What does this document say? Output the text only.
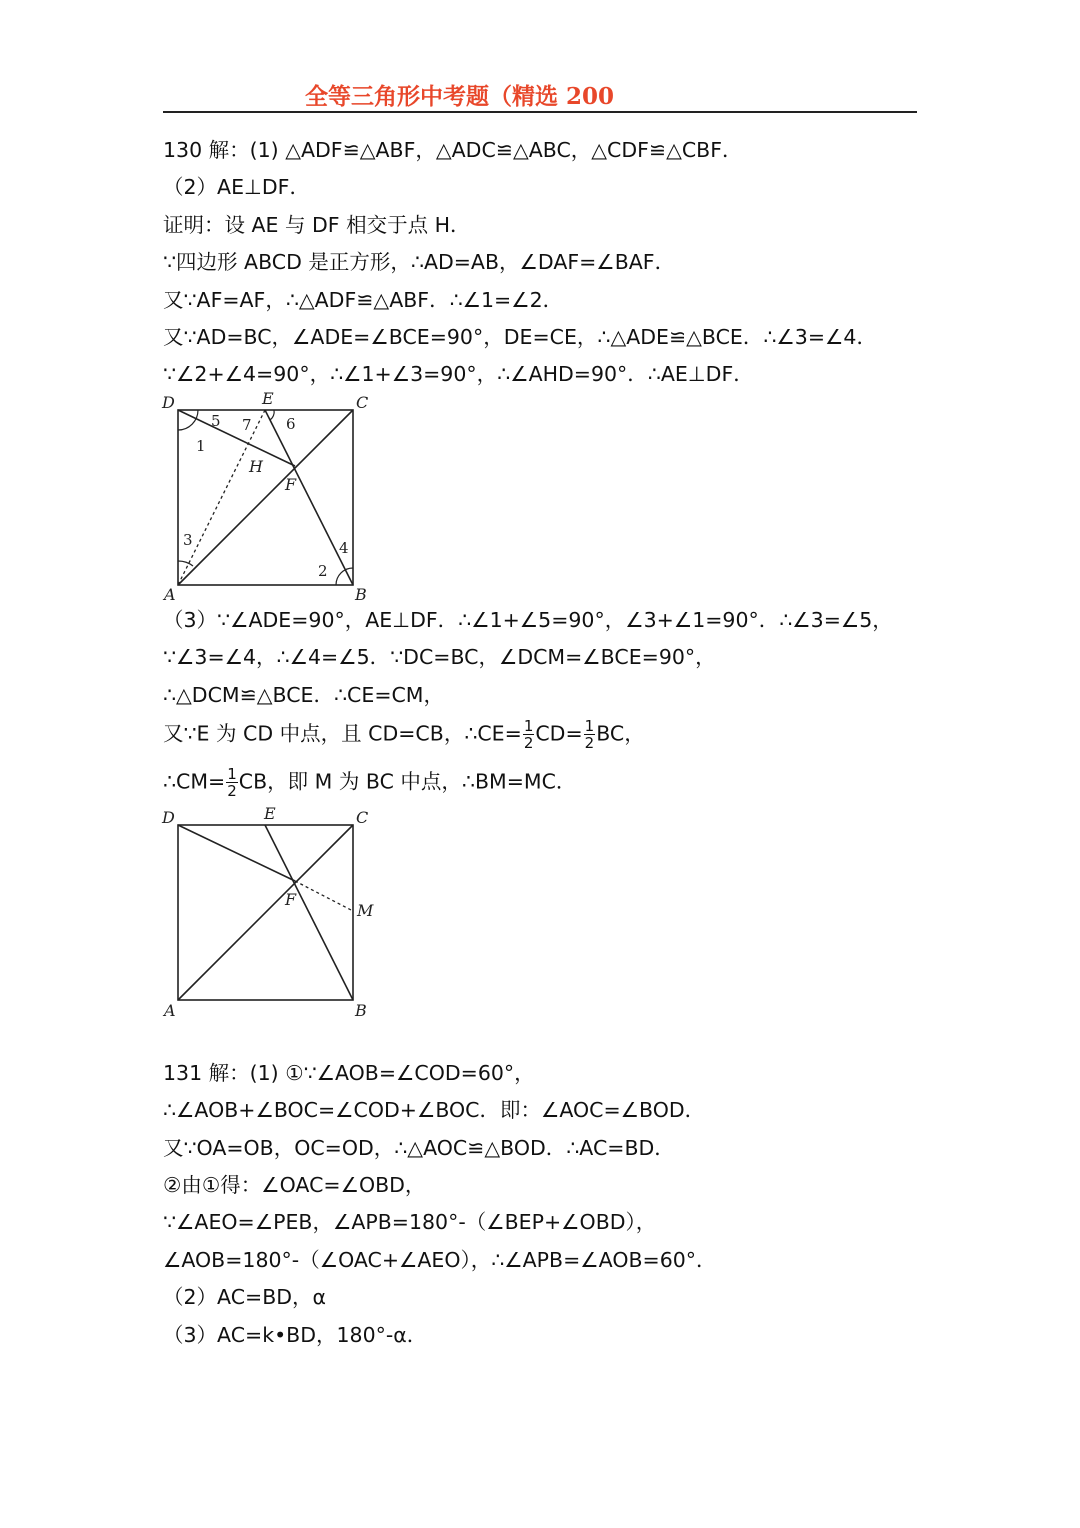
全等三角形中考题（精选 200
130 解：(1) △ADF≌△ABF，△ADC≌△ABC，△CDF≌△CBF．
（2）AE⊥DF．
证明：设 AE 与 DF 相交于点 H．
∵四边形 ABCD 是正方形，∴AD=AB，∠DAF=∠BAF．
又∵AF=AF，∴△ADF≌△ABF．∴∠1=∠2．
又∵AD=BC，∠ADE=∠BCE=90°，DE=CE，∴△ADE≌△BCE．∴∠3=∠4．
∵∠2+∠4=90°，∴∠1+∠3=90°，∴∠AHD=90°．∴AE⊥DF．
D	E	C
H
F
A	B
1
2
3	4
5	6
7
（3）∵∠ADE=90°，AE⊥DF．∴∠1+∠5=90°，∠3+∠1=90°．∴∠3=∠5，
∵∠3=∠4，∴∠4=∠5．∵DC=BC，∠DCM=∠BCE=90°，
∴△DCM≌△BCE．∴CE=CM，
又∵E 为 CD 中点，且 CD=CB，∴CE= $\frac{1}{2} CD= \frac{1}{2}$ BC，
∴CM= $\frac{1}{2}$ CB，即 M 为 BC 中点，∴BM=MC．
D	E	C
F
M
A	B
131 解：(1) ①∵∠AOB=∠COD=60°，
∴∠AOB+∠BOC=∠COD+∠BOC．即：∠AOC=∠BOD．
又∵OA=OB，OC=OD，∴△AOC≌△BOD．∴AC=BD．
②由①得：∠OAC=∠OBD，
∵∠AEO=∠PEB，∠APB=180°-（∠BEP+∠OBD），
∠AOB=180°-（∠OAC+∠AEO），∴∠APB=∠AOB=60°．
（2）AC=BD，α
（3）AC=k•BD，180°-α．
